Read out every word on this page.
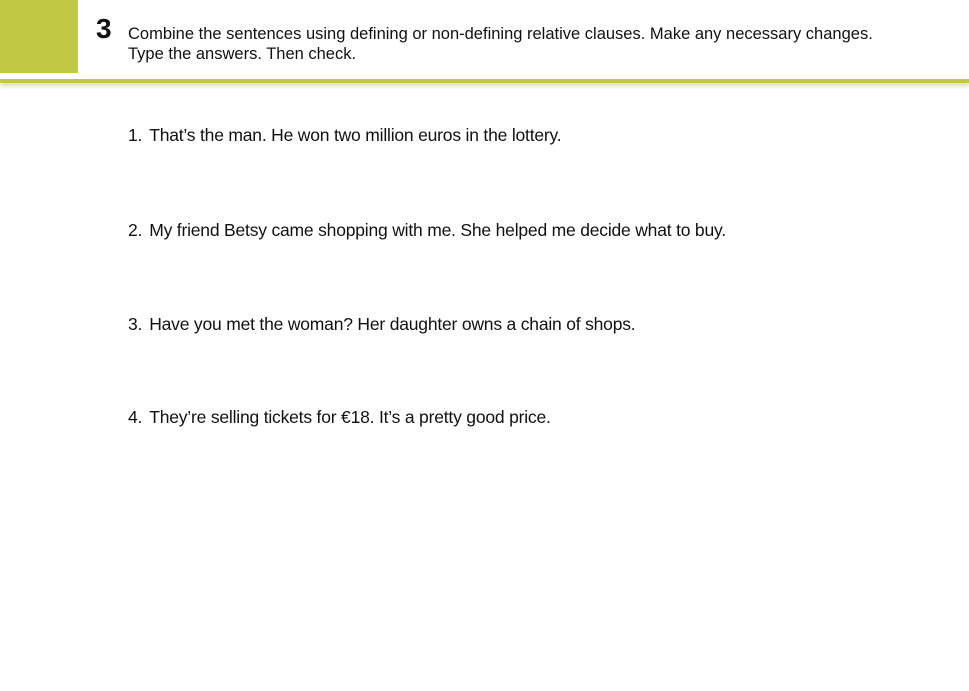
3 Combine the sentences using defining or non-defining relative clauses. Make any necessary changes.
Type the answers. Then check.
1. That’s the man. He won two million euros in the lottery.
2. My friend Betsy came shopping with me. She helped me decide what to buy.
3. Have you met the woman? Her daughter owns a chain of shops.
4. They’re selling tickets for €18. It’s a pretty good price.
